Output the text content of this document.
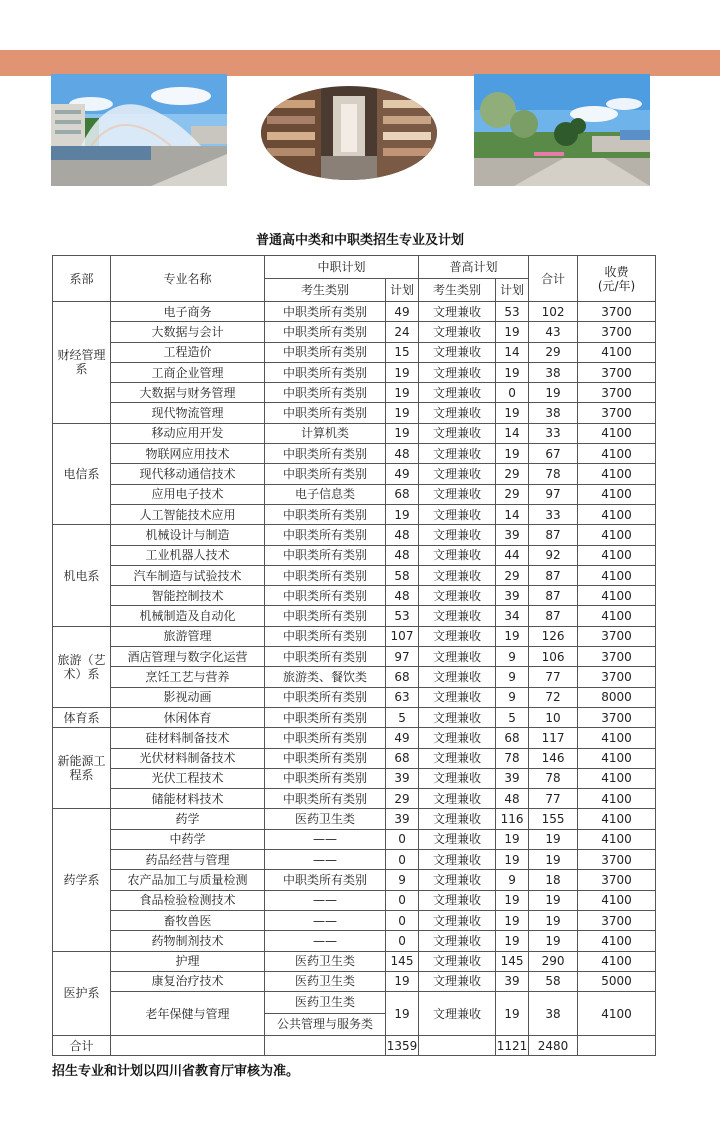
普通高中类和中职类招生专业及计划
系部	专业名称	中职计划		普高计划		合计	收费
(元/年)

		考生类别	计划	考生类别	计划		
财经管理系	电子商务	中职类所有类别	49	文理兼收	53	102	3700
	大数据与会计	中职类所有类别	24	文理兼收	19	43	3700
	工程造价	中职类所有类别	15	文理兼收	14	29	4100
	工商企业管理	中职类所有类别	19	文理兼收	19	38	3700
	大数据与财务管理	中职类所有类别	19	文理兼收	0	19	3700
	现代物流管理	中职类所有类别	19	文理兼收	19	38	3700
电信系	移动应用开发	计算机类	19	文理兼收	14	33	4100
	物联网应用技术	中职类所有类别	48	文理兼收	19	67	4100
	现代移动通信技术	中职类所有类别	49	文理兼收	29	78	4100
	应用电子技术	电子信息类	68	文理兼收	29	97	4100
	人工智能技术应用	中职类所有类别	19	文理兼收	14	33	4100
机电系	机械设计与制造	中职类所有类别	48	文理兼收	39	87	4100
	工业机器人技术	中职类所有类别	48	文理兼收	44	92	4100
	汽车制造与试验技术	中职类所有类别	58	文理兼收	29	87	4100
	智能控制技术	中职类所有类别	48	文理兼收	39	87	4100
	机械制造及自动化	中职类所有类别	53	文理兼收	34	87	4100
旅游（艺术）系	旅游管理	中职类所有类别	107	文理兼收	19	126	3700
	酒店管理与数字化运营	中职类所有类别	97	文理兼收	9	106	3700
	烹饪工艺与营养	旅游类、餐饮类	68	文理兼收	9	77	3700
	影视动画	中职类所有类别	63	文理兼收	9	72	8000
体育系	休闲体育	中职类所有类别	5	文理兼收	5	10	3700
新能源工程系	硅材料制备技术	中职类所有类别	49	文理兼收	68	117	4100
	光伏材料制备技术	中职类所有类别	68	文理兼收	78	146	4100
	光伏工程技术	中职类所有类别	39	文理兼收	39	78	4100
	储能材料技术	中职类所有类别	29	文理兼收	48	77	4100
药学系	药学	医药卫生类	39	文理兼收	116	155	4100
	中药学	——	0	文理兼收	19	19	4100
	药品经营与管理	——	0	文理兼收	19	19	3700
	农产品加工与质量检测	中职类所有类别	9	文理兼收	9	18	3700
	食品检验检测技术	——	0	文理兼收	19	19	4100
	畜牧兽医	——	0	文理兼收	19	19	3700
	药物制剂技术	——	0	文理兼收	19	19	4100
医护系	护理	医药卫生类	145	文理兼收	145	290	4100
	康复治疗技术	医药卫生类	19	文理兼收	39	58	5000
	老年保健与管理	医药卫生类
公共管理与服务类	19	文理兼收	19	38	4100
合计			1359		1121	2480	
招生专业和计划以四川省教育厅审核为准。
